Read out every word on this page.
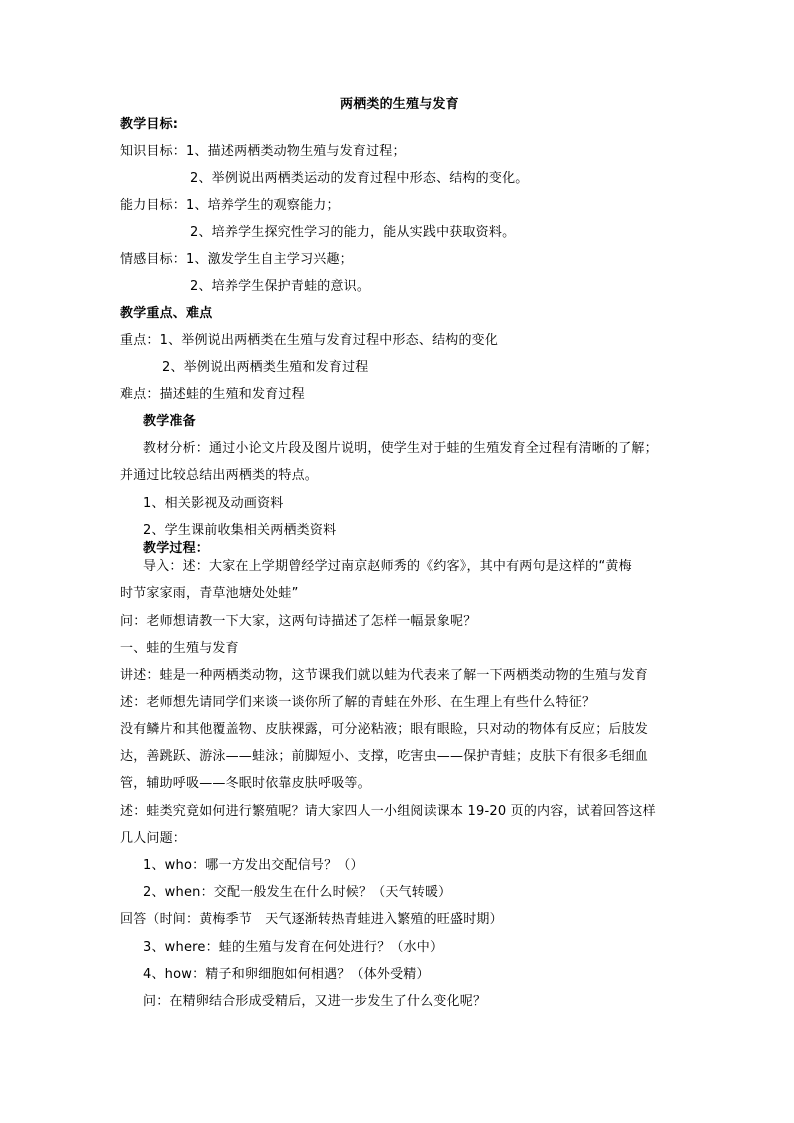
两栖类的生殖与发育
教学目标:
知识目标：1、描述两栖类动物生殖与发育过程；
2、举例说出两栖类运动的发育过程中形态、结构的变化。
能力目标：1、培养学生的观察能力；
2、培养学生探究性学习的能力，能从实践中获取资料。
情感目标：1、激发学生自主学习兴趣；
2、培养学生保护青蛙的意识。
教学重点、难点
重点：1、举例说出两栖类在生殖与发育过程中形态、结构的变化
2、举例说出两栖类生殖和发育过程
难点：描述蛙的生殖和发育过程
教学准备
教材分析：通过小论文片段及图片说明，使学生对于蛙的生殖发育全过程有清晰的了解；
并通过比较总结出两栖类的特点。
1、相关影视及动画资料
2、学生课前收集相关两栖类资料
教学过程：
导入：述：大家在上学期曾经学过南京赵师秀的《约客》，其中有两句是这样的“黄梅
时节家家雨，青草池塘处处蛙”
问：老师想请教一下大家，这两句诗描述了怎样一幅景象呢？
一、蛙的生殖与发育
讲述：蛙是一种两栖类动物，这节课我们就以蛙为代表来了解一下两栖类动物的生殖与发育
述：老师想先请同学们来谈一谈你所了解的青蛙在外形、在生理上有些什么特征？
没有鳞片和其他覆盖物、皮肤裸露，可分泌粘液；眼有眼睑，只对动的物体有反应；后肢发
达，善跳跃、游泳——蛙泳；前脚短小、支撑，吃害虫——保护青蛙；皮肤下有很多毛细血
管，辅助呼吸——冬眠时依靠皮肤呼吸等。
述：蛙类究竟如何进行繁殖呢？请大家四人一小组阅读课本 19-20 页的内容，试着回答这样
几人问题：
1、who：哪一方发出交配信号？（）
2、when：交配一般发生在什么时候？（天气转暖）
回答（时间：黄梅季节　天气逐渐转热青蛙进入繁殖的旺盛时期）
3、where：蛙的生殖与发育在何处进行？（水中）
4、how：精子和卵细胞如何相遇？（体外受精）
问：在精卵结合形成受精后，又进一步发生了什么变化呢？
